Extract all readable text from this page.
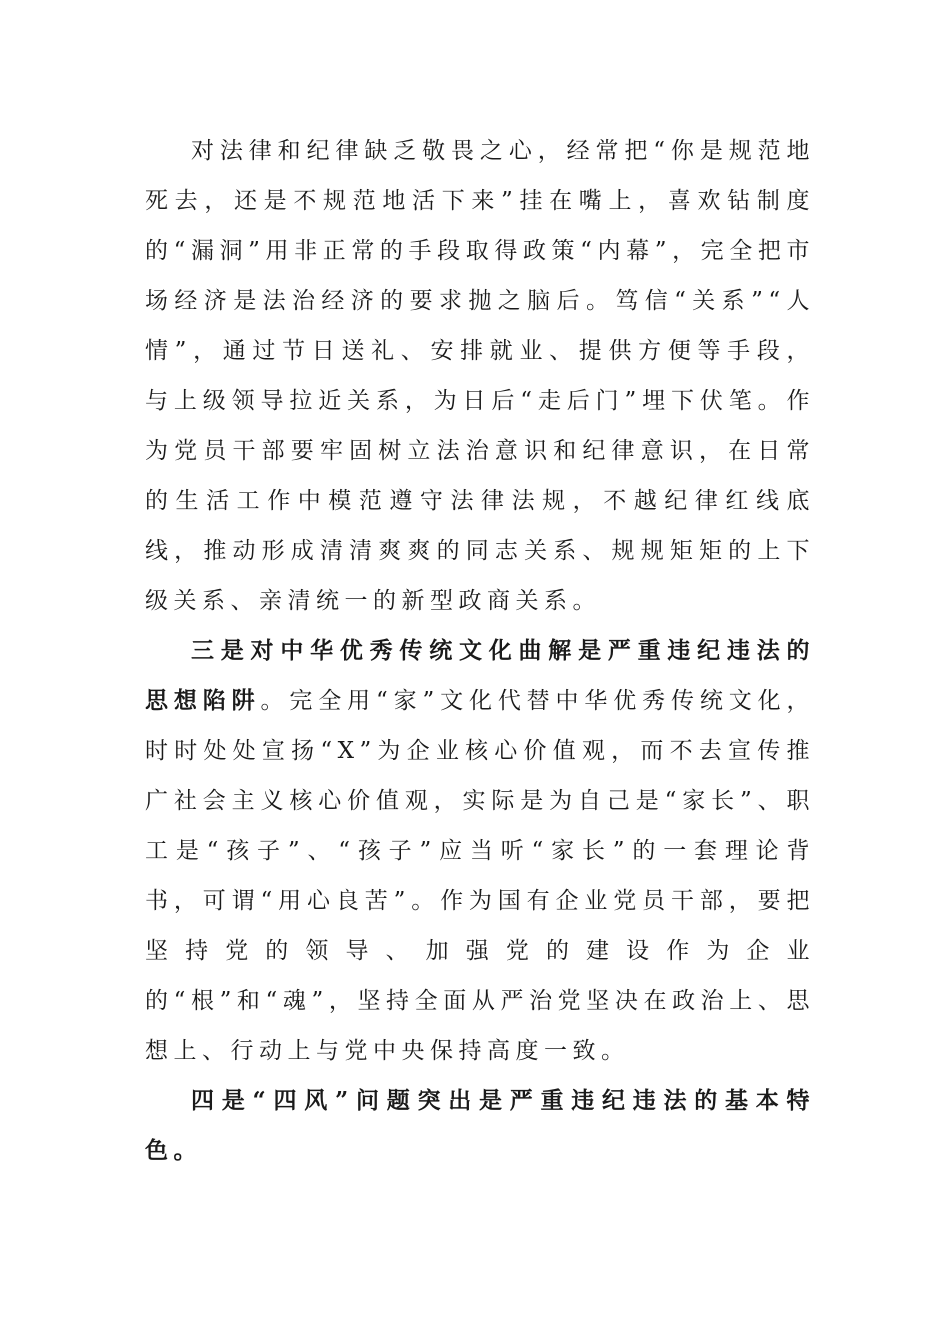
对法律和纪律缺乏敬畏之心，经常把“你是规范地死去，还是不规范地活下来”挂在嘴上，喜欢钻制度的“漏洞”用非正常的手段取得政策“内幕”，完全把市场经济是法治经济的要求抛之脑后。笃信“关系”“人情”，通过节日送礼、安排就业、提供方便等手段，与上级领导拉近关系，为日后“走后门”埋下伏笔。作为党员干部要牢固树立法治意识和纪律意识，在日常的生活工作中模范遵守法律法规，不越纪律红线底线，推动形成清清爽爽的同志关系、规规矩矩的上下级关系、亲清统一的新型政商关系。

三是对中华优秀传统文化曲解是严重违纪违法的思想陷阱。完全用“家”文化代替中华优秀传统文化，时时处处宣扬“X”为企业核心价值观，而不去宣传推广社会主义核心价值观，实际是为自己是“家长”、职工是“孩子”、“孩子”应当听“家长”的一套理论背书，可谓“用心良苦”。作为国有企业党员干部，要把坚持党的领导、加强党的建设作为企业的“根”和“魂”，坚持全面从严治党坚决在政治上、思想上、行动上与党中央保持高度一致。

四是“四风”问题突出是严重违纪违法的基本特色。
